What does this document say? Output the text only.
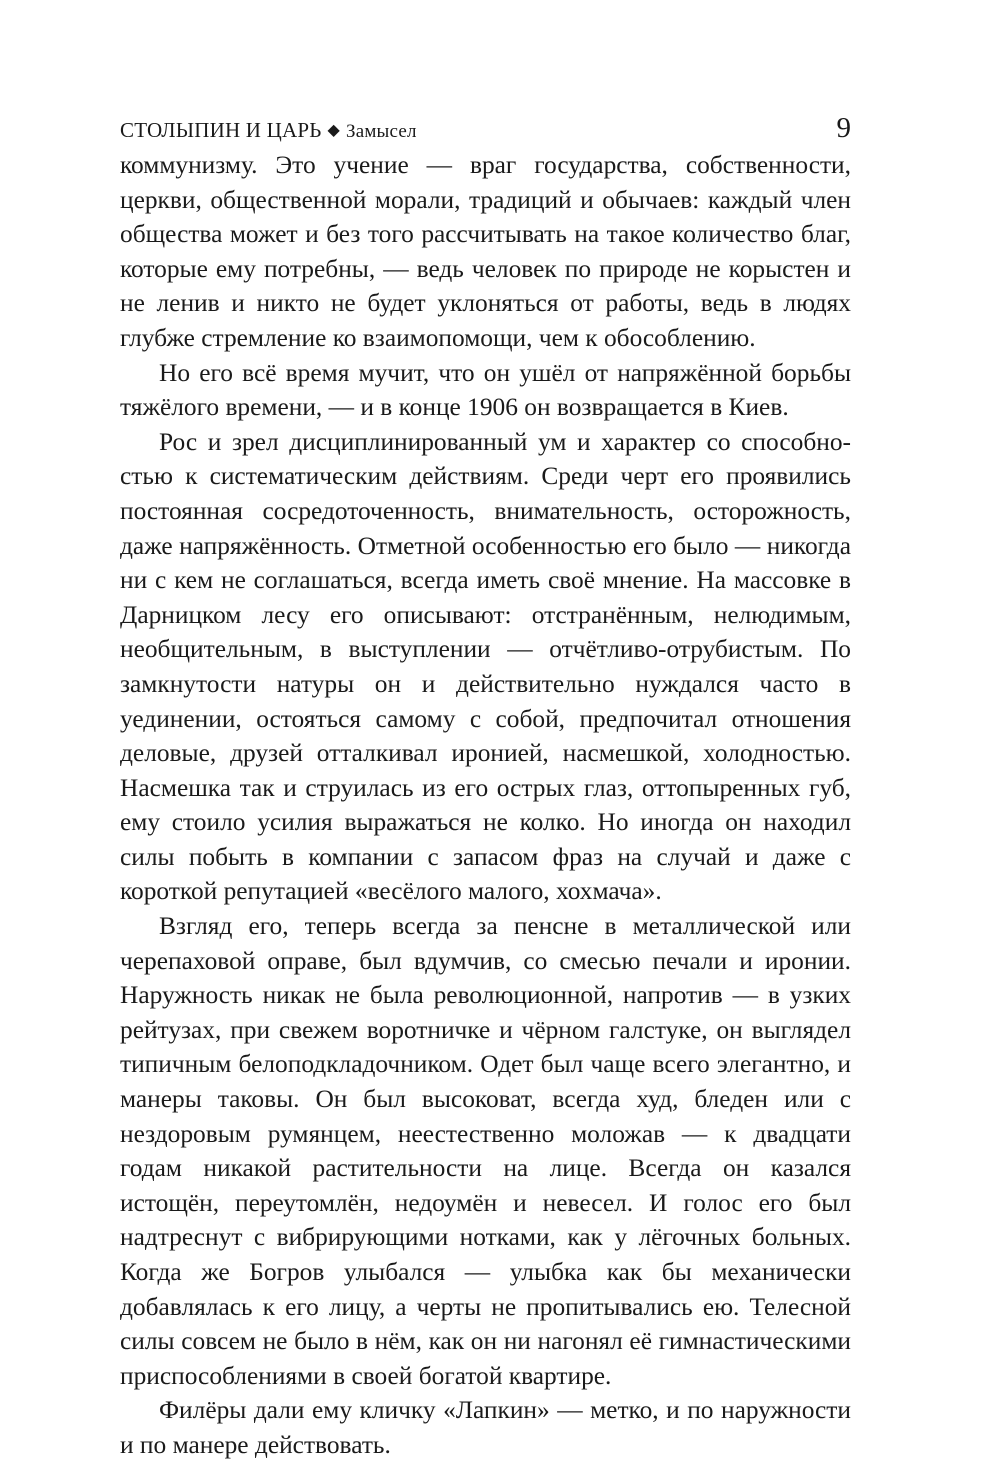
СТОЛЫПИН И ЦАРЬ ◆ Замысел	9

коммунизму. Это учение — враг государства, собственности, церкви, общественной морали, традиций и обычаев: каждый член общества может и без того рассчитывать на такое количество благ, которые ему потребны, — ведь человек по природе не корыстен и не ленив и никто не будет уклоняться от работы, ведь в людях глубже стремление ко взаимопомощи, чем к обособлению.

Но его всё время мучит, что он ушёл от напряжённой борьбы тяжёлого времени, — и в конце 1906 он возвращается в Киев.

Рос и зрел дисциплинированный ум и характер со способностью к систематическим действиям. Среди черт его проявились постоянная сосредоточенность, внимательность, осторожность, даже напряжённость. Отметной особенностью его было — никогда ни с кем не соглашаться, всегда иметь своё мнение. На массовке в Дарницком лесу его описывают: отстранённым, нелюдимым, необщительным, в выступлении — отчётливо-отрубистым. По замкнутости натуры он и действительно нуждался часто в уединении, остояться самому с собой, предпочитал отношения деловые, друзей отталкивал иронией, насмешкой, холодностью. Насмешка так и струилась из его острых глаз, оттопыренных губ, ему стоило усилия выражаться не колко. Но иногда он находил силы побыть в компании с запасом фраз на случай и даже с короткой репутацией «весёлого малого, хохмача».

Взгляд его, теперь всегда за пенсне в металлической или черепаховой оправе, был вдумчив, со смесью печали и иронии. Наружность никак не была революционной, напротив — в узких рейтузах, при свежем воротничке и чёрном галстуке, он выглядел типичным белоподкладочником. Одет был чаще всего элегантно, и манеры таковы. Он был высоковат, всегда худ, бледен или с нездоровым румянцем, неестественно моложав — к двадцати годам никакой растительности на лице. Всегда он казался истощён, переутомлён, недоумён и невесел. И голос его был надтреснут с вибрирующими нотками, как у лёгочных больных. Когда же Богров улыбался — улыбка как бы механически добавлялась к его лицу, а черты не пропитывались ею. Телесной силы совсем не было в нём, как он ни нагонял её гимнастическими приспособлениями в своей богатой квартире.

Филёры дали ему кличку «Лапкин» — метко, и по наружности и по манере действовать.
